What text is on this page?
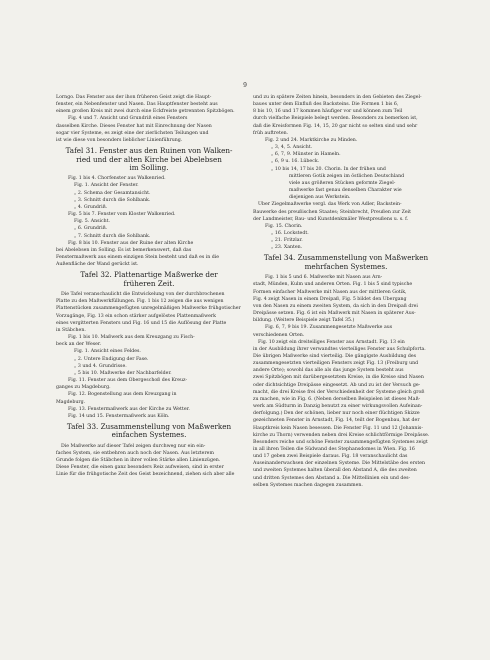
9
Lorngo. Das Fenster aus der ihon früheren Geist zeigt die Haupt-
fenster, ein Nebenfenster und Nasen. Das Hauptfenster besteht aus
einem großen Kreis mit zwei durch eine Eckfreiste getrennten Spitzbögen.
Fig. 4 und 7. Ansicht und Grundriß eines Fensters
dasselben Kirche. Dieses Fenster hat mit Einrechnung der Nasen
sogar vier Systeme, es zeigt eine der zierlichsten Teilungen und
ist wie diese von besonders lieblicher Linienführung.
Tafel 31. Fenster aus den Ruinen von Walken-
ried und der alten Kirche bei Abelebsen
im Solling.
Fig. 1 bis 4. Chorfenster aus Walkenried.
Fig. 1. Ansicht der Fenster.
„ 2. Schema der Gesamtansicht.
„ 3. Schnitt durch die Sohlbank.
„ 4. Grundriß.
Fig. 5 bis 7. Fenster vom Kloster Walkenried.
Fig. 5. Ansicht.
„ 6. Grundriß.
„ 7. Schnitt durch die Sohlbank.
Fig. 8 bis 10. Fenster aus der Ruine der alten Kirche
bei Abelebsen im Solling. Es ist bemerkenswert, daß das
Fenstermaßwerk aus einem einzigen Stein besteht und daß es in die
Außenfläche der Wand gerückt ist.
Tafel 32. Plattenartige Maßwerke der
früheren Zeit.
Die Tafel veranschaulicht die Entwickelung von der durchbrochenen
Platte zu den Maßwerkfüllungen. Fig. 1 bis 12 zeigen die aus wenigen
Plattenstücken zusammengefügten unregelmäßigen Maßwerke frühgotischer
Vorzugänge, Fig. 13 ein schon stärker aufgelöstes Plattenmaßwerk
eines vergitterten Fensters und Fig. 16 und 15 die Auflösung der Platte
in Stäbchen.
Fig. 1 bis 10. Maßwerk aus dem Kreuzgang zu Fisch-
beck an der Weser.
Fig. 1. Ansicht eines Feldes.
„ 2. Untere Endigung der Fase.
„ 3 und 4. Grundrisse.
„ 5 bis 10. Maßwerke der Nachbarfelder.
Fig. 11. Fenster aus dem Obergeschoß des Kreuz-
ganges zu Magdeburg.
Fig. 12. Bogenstellung aus dem Kreuzgang in
Magdeburg.
Fig. 13. Fenstermaßwerk aus der Kirche zu Wetter.
Fig. 14 und 15. Fenstermaßwerk aus Köln.
Tafel 33. Zusammenstellung von Maßwerken
einfachen Systemes.
Die Maßwerke auf dieser Tafel zeigen durchweg nur ein ein-
faches System, sie entbehren auch noch der Nasen. Aus letzterem
Grunde folgen die Stäbchen in ihrer vollen Stärke allen Linienzügen.
Diese Fenster, die einen ganz besonders Reiz aufweisen, sind in erster
Linie für die frühgotische Zeit des Geist bezeichnend, ziehen sich aber alle
und zu in spätere Zeiten hinein, besonders in den Gebieten des Ziegel-
baues unter dem Einfluß des Backsteins. Die Formen 1 bis 6,
8 bis 10, 16 und 17 kommen häufiger vor und können zum Teil
durch vielfache Beispiele belegt werden. Besonders zu bemerken ist,
daß die Kreisformen Fig. 14, 15, 20 gar nicht so selten sind und sehr
früh auftreten.
Fig. 2 und 24. Marktkirche zu Minden.
„ 3, 4, 5. Ansicht.
„ 6, 7, 9. Münster in Hameln.
„ 6, 9 u. 16. Lübeck.
„ 10 bis 14, 17 bis 20. Chorin. In der frühen und
mittleren Gotik zeigen im östlichen Deutschland
viele aus größeren Stücken geformte Ziegel-
maßwerke fast genau denselben Charakter wie
diejenigen aus Werkstein.
Über Ziegelmaßwerke vergl. das Werk von Adler, Backstein-
Bauwerke des preußischen Staates; Steinbrecht, Preußen zur Zeit
der Landmeister, Bau- und Kunstdenkmäler Westpreußens u. s. f.
Fig. 15. Chorin.
„ 16. Lockstedt.
„ 21. Fritzlar.
„ 23. Xanten.
Tafel 34. Zusammenstellung von Maßwerken
mehrfachen Systemes.
Fig. 1 bis 5 und 6. Maßwerke mit Nasen aus Arn-
stadt, Münden, Kulm und anderen Orten. Fig. 1 bis 5 sind typische
Formen einfacher Maßwerke mit Nasen aus der mittleren Gotik,
Fig. 4 zeigt Nasen in einem Dreipaß, Fig. 5 bildet den Übergang
von den Nasen zu einem zweiten System, da sich in den Dreipaß drei
Dreipässe setzen. Fig. 6 ist ein Maßwerk mit Nasen in späterer Aus-
bildung. (Weitere Beispiele zeigt Tafel 35.)
Fig. 6, 7, 9 bis 19. Zusammengesetzte Maßwerke aus
verschiedenen Orten.
Fig. 10 zeigt ein dreiteiliges Fenster aus Arnstadt. Fig. 13 ein
in der Ausbildung ihrer verwandtes vierteiliges Fenster aus Schulpforta.
Die übrigen Maßwerke sind vierteilig. Die gängigste Ausbildung des
zusammengesetzten vierteiligen Fensters zeigt Fig. 13 (Freiburg und
andere Orte); sowohl das alle als das junge System besteht aus
zwei Spitzbögen mit darübergesetztem Kreise, in die Kreise sind Nasen
oder dichtsichtige Dreipässe eingesetzt. Ab und zu ist der Versuch ge-
macht, die drei Kreise frei der Verschiedenheit der Systeme gleich groß
zu machen, wie in Fig. 6. (Neben derselben Beispielen ist dieses Maß-
werk am Südturm in Danzig benutzt zu einer wirkungsvollen Aufeinan-
derfolgung.) Den der schönen, lieber nur noch einer flüchtigen Skizze
gezeichneten Fenster in Arnstadt, Fig. 14, teilt der Bogenbau, hat der
Hauptkreis kein Nasen besessen. Die Fenster Fig. 11 und 12 (Johannis-
kirche zu Thorn) verwenden neben drei Kreise schlichtförmige Dreipässe.
Besonders reiche und schöne Fenster zusammengefügten Systemes zeigt
in all ihren Teilen die Südwand des Stephansdomes in Wien. Fig. 16
und 17 geben zwei Beispiele daraus. Fig. 18 veranschaulicht das
Auseinanderwachsen der einzelnen Systeme. Die Mittelstäbe des ersten
und zweiten Systemes halten überall den Abstand A, die des zweiten
und dritten Systemes den Abstand a. Die Mittellinien ein und des-
selben Systemes machen dagegen zusammen.
